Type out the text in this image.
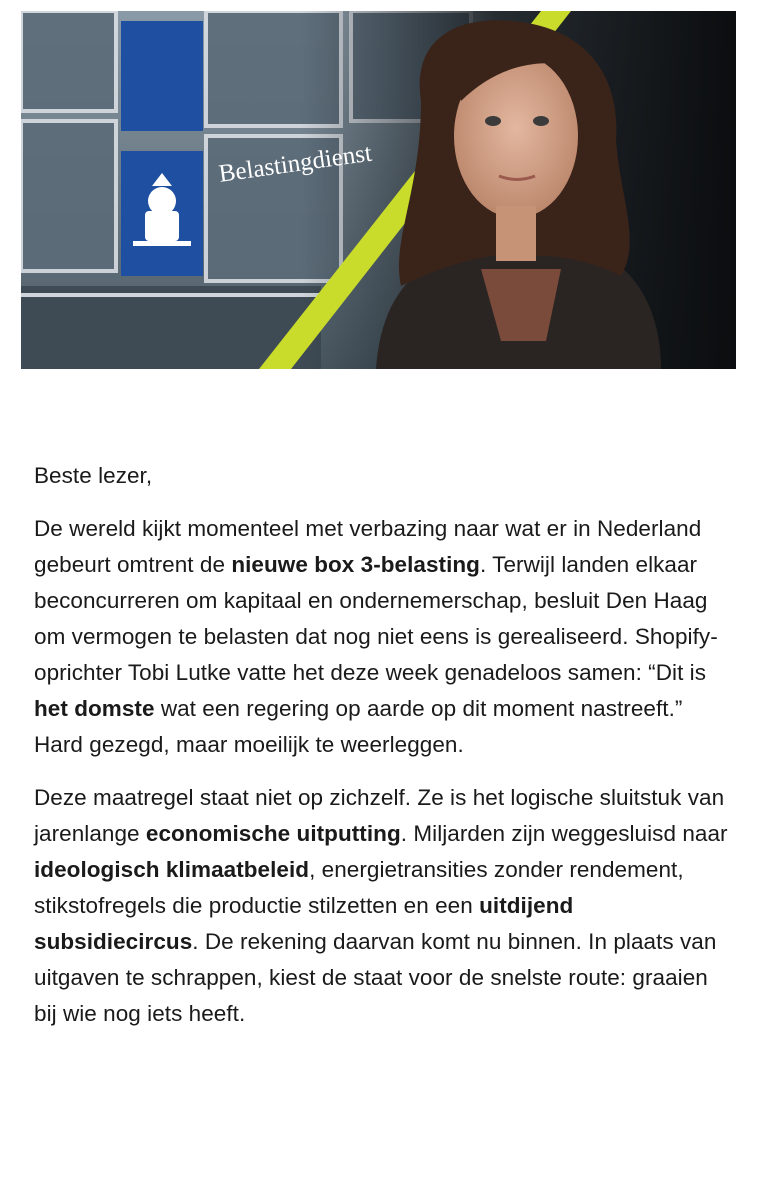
Belastingdienst

Beste lezer,

De wereld kijkt momenteel met verbazing naar wat er in Nederland gebeurt omtrent de nieuwe box 3-belasting. Terwijl landen elkaar beconcurreren om kapitaal en ondernemerschap, besluit Den Haag om vermogen te belasten dat nog niet eens is gerealiseerd. Shopify-oprichter Tobi Lutke vatte het deze week genadeloos samen: “Dit is het domste wat een regering op aarde op dit moment nastreeft.” Hard gezegd, maar moeilijk te weerleggen.

Deze maatregel staat niet op zichzelf. Ze is het logische sluitstuk van jarenlange economische uitputting. Miljarden zijn weggesluisd naar ideologisch klimaatbeleid, energietransities zonder rendement, stikstofregels die productie stilzetten en een uitdijend subsidiecircus. De rekening daarvan komt nu binnen. In plaats van uitgaven te schrappen, kiest de staat voor de snelste route: graaien bij wie nog iets heeft.
